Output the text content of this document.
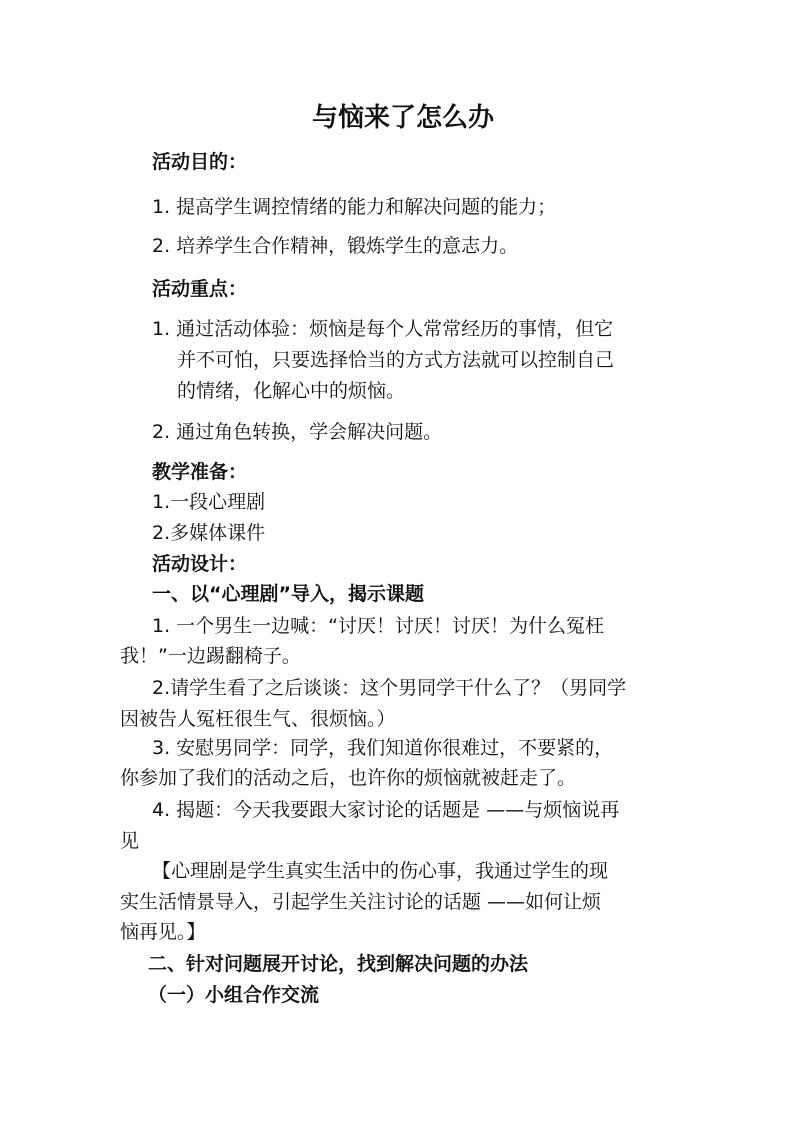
与恼来了怎么办
活动目的：
1. 提高学生调控情绪的能力和解决问题的能力；
2. 培养学生合作精神，锻炼学生的意志力。
活动重点：
1. 通过活动体验：烦恼是每个人常常经历的事情，但它
并不可怕，只要选择恰当的方式方法就可以控制自己
的情绪，化解心中的烦恼。
2. 通过角色转换，学会解决问题。
教学准备：
1.一段心理剧
2.多媒体课件
活动设计：
一、以“心理剧”导入，揭示课题
1. 一个男生一边喊：“讨厌！讨厌！讨厌！为什么冤枉
我！”一边踢翻椅子。
2.请学生看了之后谈谈：这个男同学干什么了？（男同学
因被告人冤枉很生气、很烦恼。）
3. 安慰男同学：同学，我们知道你很难过，不要紧的，
你参加了我们的活动之后，也许你的烦恼就被赶走了。
4. 揭题：今天我要跟大家讨论的话题是 ——与烦恼说再
见
【心理剧是学生真实生活中的伤心事，我通过学生的现
实生活情景导入，引起学生关注讨论的话题 ——如何让烦
恼再见。】
二、针对问题展开讨论，找到解决问题的办法
（一）小组合作交流
